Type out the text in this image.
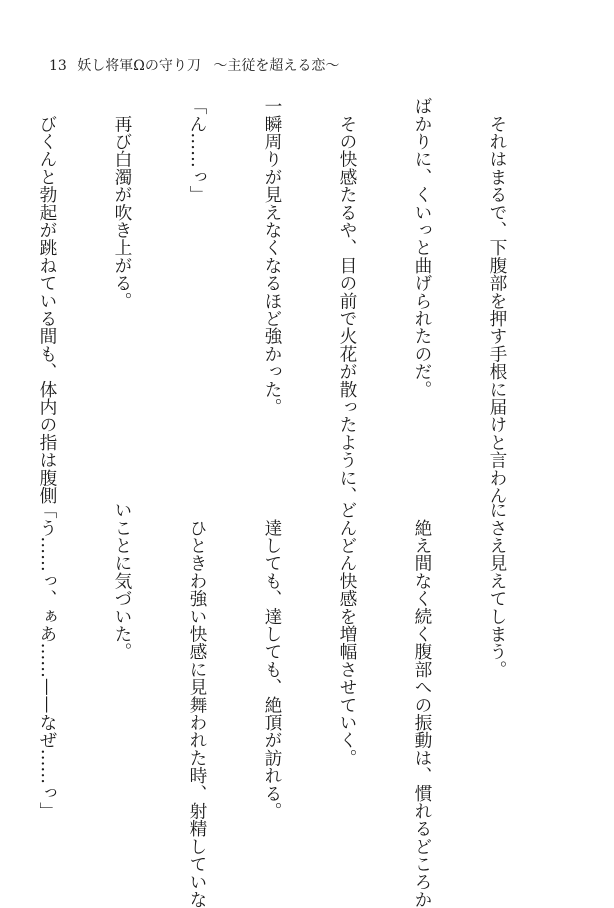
13 妖し将軍Ωの守り刀 〜主従を超える恋〜

　それはまるで、下腹部を押す手根に届けと言わん

ばかりに、くいっと曲げられたのだ。

　その快感たるや、目の前で火花が散ったように、

一瞬周りが見えなくなるほど強かった。

「ん……っ」

　再び白濁が吹き上がる。

　びくんと勃起が跳ねている間も、体内の指は腹側

にさえ見えてしまう。

　絶え間なく続く腹部への振動は、慣れるどころか

どんどん快感を増幅させていく。

　達しても、達しても、絶頂が訪れる。

　ひときわ強い快感に見舞われた時、射精していな

いことに気づいた。

「う……っ、ぁあ……——なぜ……っ」
